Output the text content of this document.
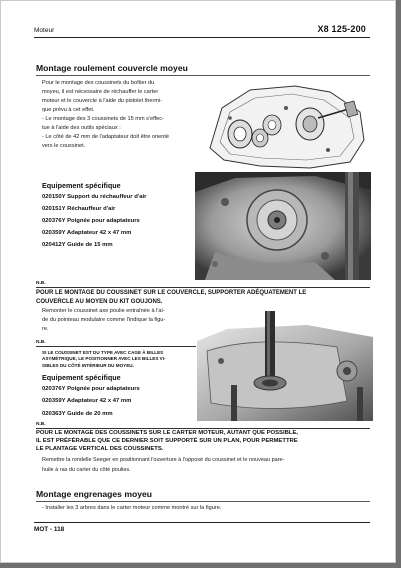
Moteur	X8 125-200
Montage roulement couvercle moyeu

Pour le montage des coussinets du boîtier du

moyeu, il est nécessaire de réchauffer le carter

moteur et le couvercle à l'aide du pistolet thermi-

que prévu à cet effet.

- Le montage des 3 coussinets de 15 mm s'effec-

tue à l'aide des outils spéciaux :

- Le côté de 42 mm de l'adaptateur doit être orienté

vers le coussinet.

Equipement spécifique
020150Y Support du réchauffeur d'air
020151Y Réchauffeur d'air
020376Y Poignée pour adaptateurs
020359Y Adaptateur 42 x 47 mm
020412Y Guide de 15 mm
N.B.
POUR LE MONTAGE DU COUSSINET SUR LE COUVERCLE, SUPPORTER ADÉQUATEMENT LE
COUVERCLE AU MOYEN DU KIT GOUJONS.

Remonter le coussinet axe poulie entraînée à l'ai-

de du pointeau modulaire comme l'indique la figu-

re.

N.B.
SI LE COUSSINET EST DU TYPE AVEC CAGE À BILLES
ASYMÉTRIQUE, LE POSITIONNER AVEC LES BILLES VI-
SIBLES DU CÔTÉ INTÉRIEUR DU MOYEU.
Equipement spécifique
020376Y Poignée pour adaptateurs
020359Y Adaptateur 42 x 47 mm
020363Y Guide de 20 mm
N.B.
POUR LE MONTAGE DES COUSSINETS SUR LE CARTER MOTEUR, AUTANT QUE POSSIBLE,
IL EST PRÉFÉRABLE QUE CE DERNIER SOIT SUPPORTÉ SUR UN PLAN, POUR PERMETTRE
LE PLANTAGE VERTICAL DES COUSSINETS.

Remettre la rondelle Seeger en positionnant l'ouverture à l'opposé du coussinet et le nouveau pare-

huile à ras du carter du côté poulies.

Montage engrenages moyeu

- Installer les 3 arbres dans le carter moteur comme montré sur la figure.

MOT - 118
